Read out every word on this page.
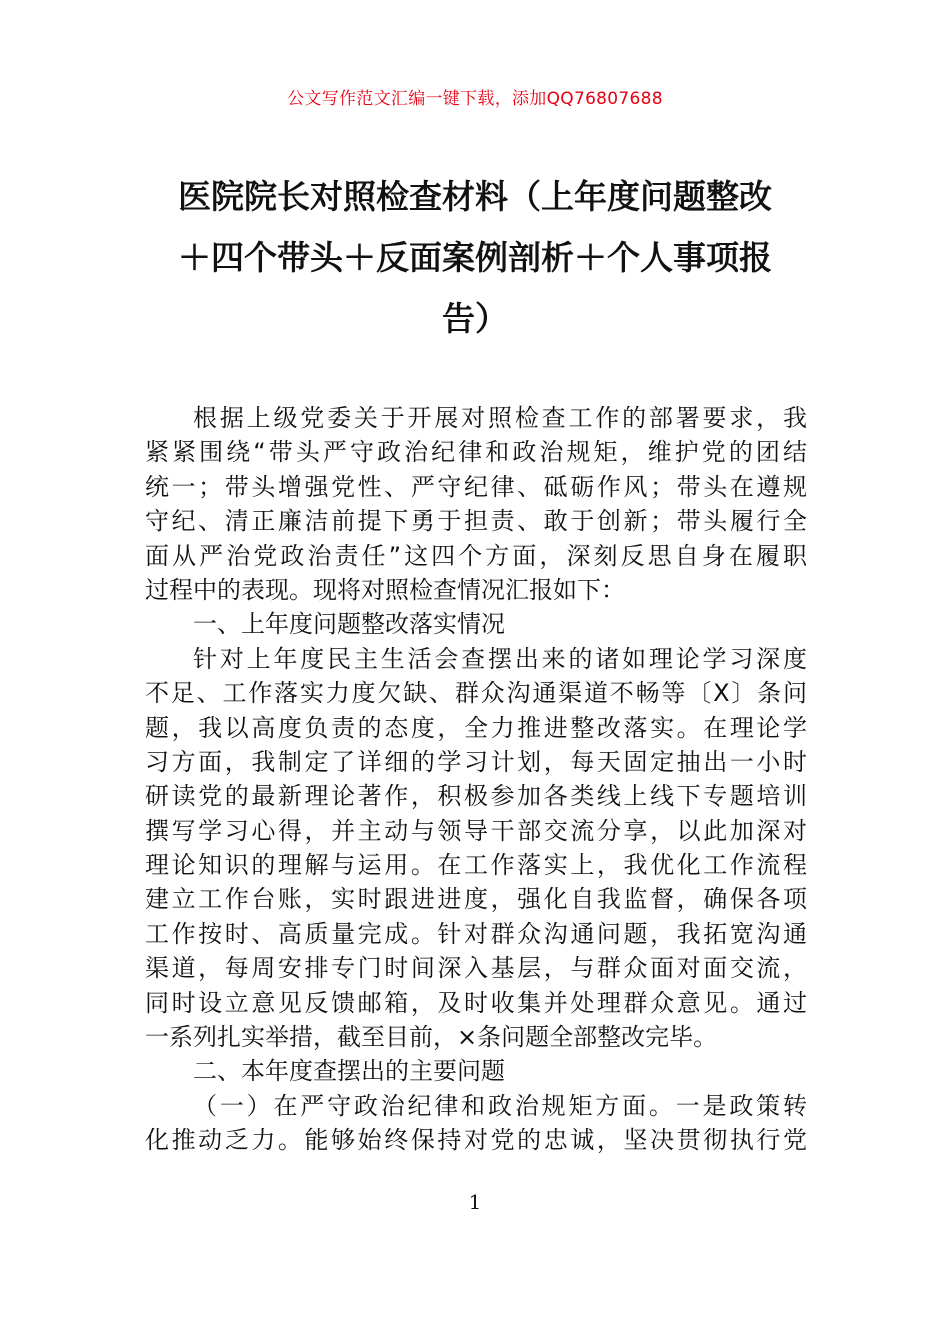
公文写作范文汇编一键下载，添加QQ76807688
医院院长对照检查材料（上年度问题整改
＋四个带头＋反面案例剖析＋个人事项报
告）
根据上级党委关于开展对照检查工作的部署要求，我
紧紧围绕“带头严守政治纪律和政治规矩，维护党的团结
统一；带头增强党性、严守纪律、砥砺作风；带头在遵规
守纪、清正廉洁前提下勇于担责、敢于创新；带头履行全
面从严治党政治责任”这四个方面，深刻反思自身在履职
过程中的表现。现将对照检查情况汇报如下：
一、上年度问题整改落实情况
针对上年度民主生活会查摆出来的诸如理论学习深度
不足、工作落实力度欠缺、群众沟通渠道不畅等〔X〕条问
题，我以高度负责的态度，全力推进整改落实。在理论学
习方面，我制定了详细的学习计划，每天固定抽出一小时
研读党的最新理论著作，积极参加各类线上线下专题培训
撰写学习心得，并主动与领导干部交流分享，以此加深对
理论知识的理解与运用。在工作落实上，我优化工作流程
建立工作台账，实时跟进进度，强化自我监督，确保各项
工作按时、高质量完成。针对群众沟通问题，我拓宽沟通
渠道，每周安排专门时间深入基层，与群众面对面交流，
同时设立意见反馈邮箱，及时收集并处理群众意见。通过
一系列扎实举措，截至目前，×条问题全部整改完毕。
二、本年度查摆出的主要问题
（一）在严守政治纪律和政治规矩方面。一是政策转
化推动乏力。能够始终保持对党的忠诚，坚决贯彻执行党
1
